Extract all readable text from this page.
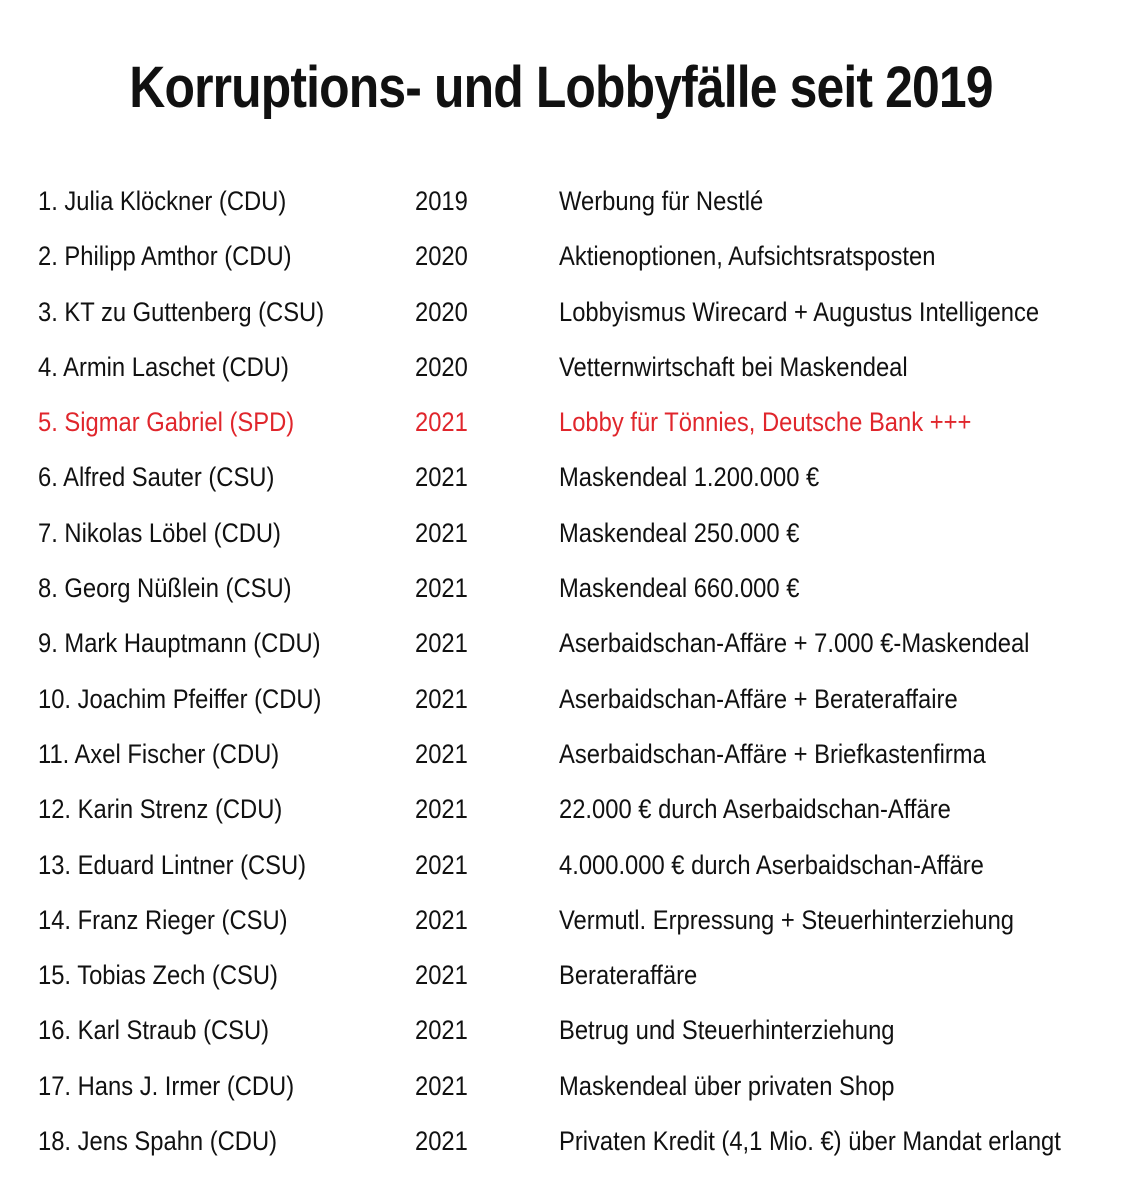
Korruptions- und Lobbyfälle seit 2019
1. Julia Klöckner (CDU)	2019	Werbung für Nestlé
2. Philipp Amthor (CDU)	2020	Aktienoptionen, Aufsichtsratsposten
3. KT zu Guttenberg (CSU)	2020	Lobbyismus Wirecard + Augustus Intelligence
4. Armin Laschet (CDU)	2020	Vetternwirtschaft bei Maskendeal
5. Sigmar Gabriel (SPD)	2021	Lobby für Tönnies, Deutsche Bank +++
6. Alfred Sauter (CSU)	2021	Maskendeal 1.200.000 €
7. Nikolas Löbel (CDU)	2021	Maskendeal 250.000 €
8. Georg Nüßlein (CSU)	2021	Maskendeal 660.000 €
9. Mark Hauptmann (CDU)	2021	Aserbaidschan-Affäre + 7.000 €-Maskendeal
10. Joachim Pfeiffer (CDU)	2021	Aserbaidschan-Affäre + Berateraffaire
11. Axel Fischer (CDU)	2021	Aserbaidschan-Affäre + Briefkastenfirma
12. Karin Strenz (CDU)	2021	22.000 € durch Aserbaidschan-Affäre
13. Eduard Lintner (CSU)	2021	4.000.000 € durch Aserbaidschan-Affäre
14. Franz Rieger (CSU)	2021	Vermutl. Erpressung + Steuerhinterziehung
15. Tobias Zech (CSU)	2021	Berateraffäre
16. Karl Straub (CSU)	2021	Betrug und Steuerhinterziehung
17. Hans J. Irmer (CDU)	2021	Maskendeal über privaten Shop
18. Jens Spahn (CDU)	2021	Privaten Kredit (4,1 Mio. €) über Mandat erlangt
